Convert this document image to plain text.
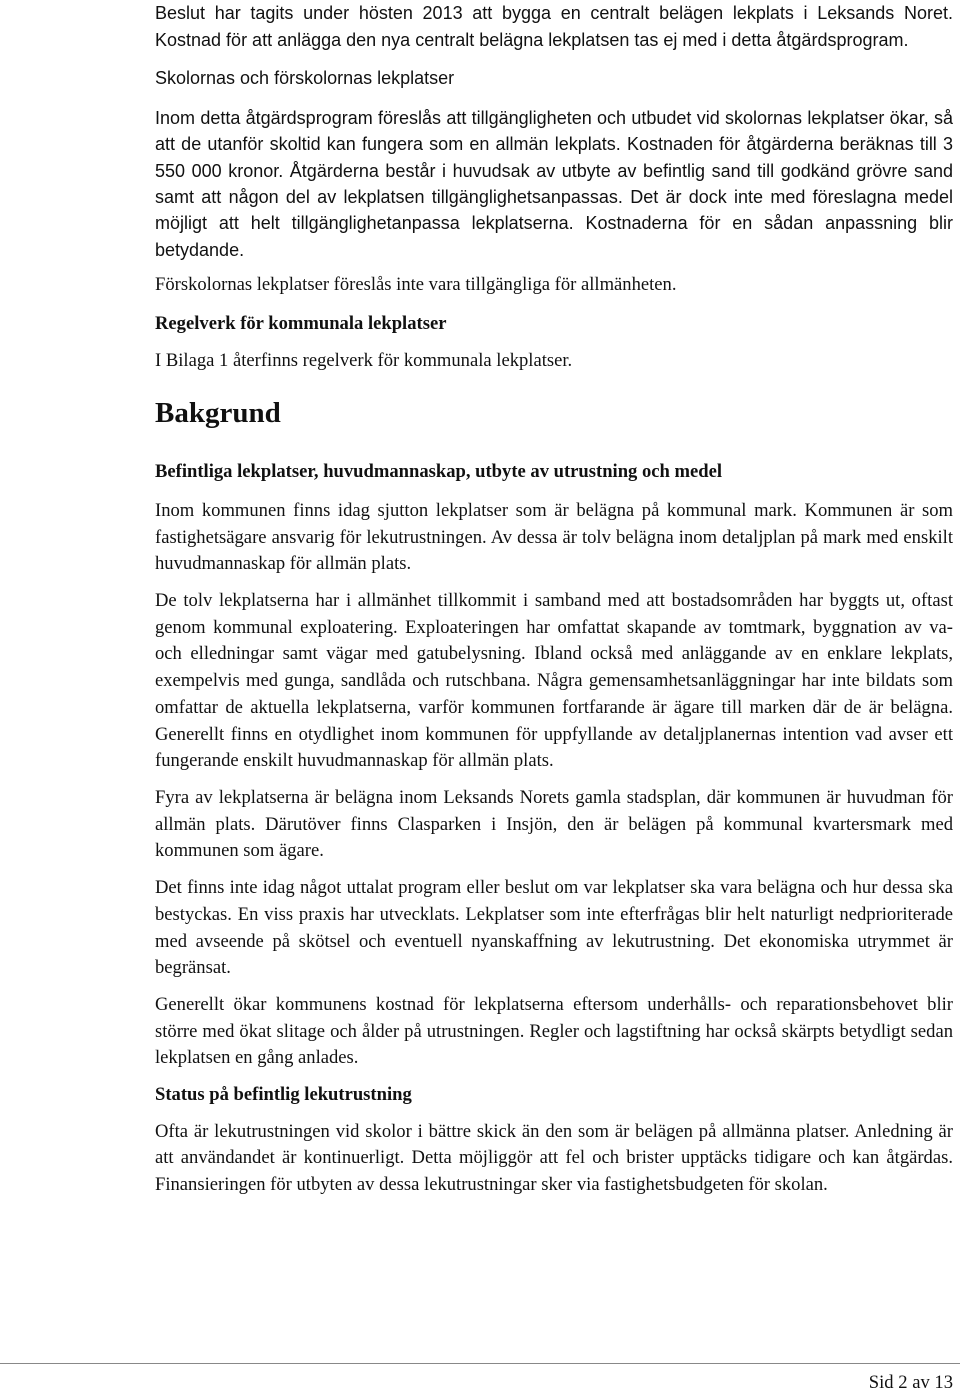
Beslut har tagits under hösten 2013 att bygga en centralt belägen lekplats i Leksands Noret. Kostnad för att anlägga den nya centralt belägna lekplatsen tas ej med i detta åtgärdsprogram.

Skolornas och förskolornas lekplatser

Inom detta åtgärdsprogram föreslås att tillgängligheten och utbudet vid skolornas lekplatser ökar, så att de utanför skoltid kan fungera som en allmän lekplats. Kostnaden för åtgärderna beräknas till 3 550 000 kronor. Åtgärderna består i huvudsak av utbyte av befintlig sand till godkänd grövre sand samt att någon del av lekplatsen tillgänglighetsanpassas. Det är dock inte med föreslagna medel möjligt att helt tillgänglighetanpassa lekplatserna. Kostnaderna för en sådan anpassning blir betydande.

Förskolornas lekplatser föreslås inte vara tillgängliga för allmänheten.

Regelverk för kommunala lekplatser

I Bilaga 1 återfinns regelverk för kommunala lekplatser.

Bakgrund
Befintliga lekplatser, huvudmannaskap, utbyte av utrustning och medel

Inom kommunen finns idag sjutton lekplatser som är belägna på kommunal mark. Kommunen är som fastighetsägare ansvarig för lekutrustningen. Av dessa är tolv belägna inom detaljplan på mark med enskilt huvudmannaskap för allmän plats.

De tolv lekplatserna har i allmänhet tillkommit i samband med att bostadsområden har byggts ut, oftast genom kommunal exploatering. Exploateringen har omfattat skapande av tomtmark, byggnation av va- och elledningar samt vägar med gatubelysning. Ibland också med anläggande av en enklare lekplats, exempelvis med gunga, sandlåda och rutschbana. Några gemensamhetsanläggningar har inte bildats som omfattar de aktuella lekplatserna, varför kommunen fortfarande är ägare till marken där de är belägna. Generellt finns en otydlighet inom kommunen för uppfyllande av detaljplanernas intention vad avser ett fungerande enskilt huvudmannaskap för allmän plats.

Fyra av lekplatserna är belägna inom Leksands Norets gamla stadsplan, där kommunen är huvudman för allmän plats. Därutöver finns Clasparken i Insjön, den är belägen på kommunal kvartersmark med kommunen som ägare.

Det finns inte idag något uttalat program eller beslut om var lekplatser ska vara belägna och hur dessa ska bestyckas. En viss praxis har utvecklats. Lekplatser som inte efterfrågas blir helt naturligt nedprioriterade med avseende på skötsel och eventuell nyanskaffning av lekutrustning. Det ekonomiska utrymmet är begränsat.

Generellt ökar kommunens kostnad för lekplatserna eftersom underhålls- och reparationsbehovet blir större med ökat slitage och ålder på utrustningen. Regler och lagstiftning har också skärpts betydligt sedan lekplatsen en gång anlades.

Status på befintlig lekutrustning

Ofta är lekutrustningen vid skolor i bättre skick än den som är belägen på allmänna platser. Anledning är att användandet är kontinuerligt. Detta möjliggör att fel och brister upptäcks tidigare och kan åtgärdas. Finansieringen för utbyten av dessa lekutrustningar sker via fastighetsbudgeten för skolan.

Sid 2 av 13
